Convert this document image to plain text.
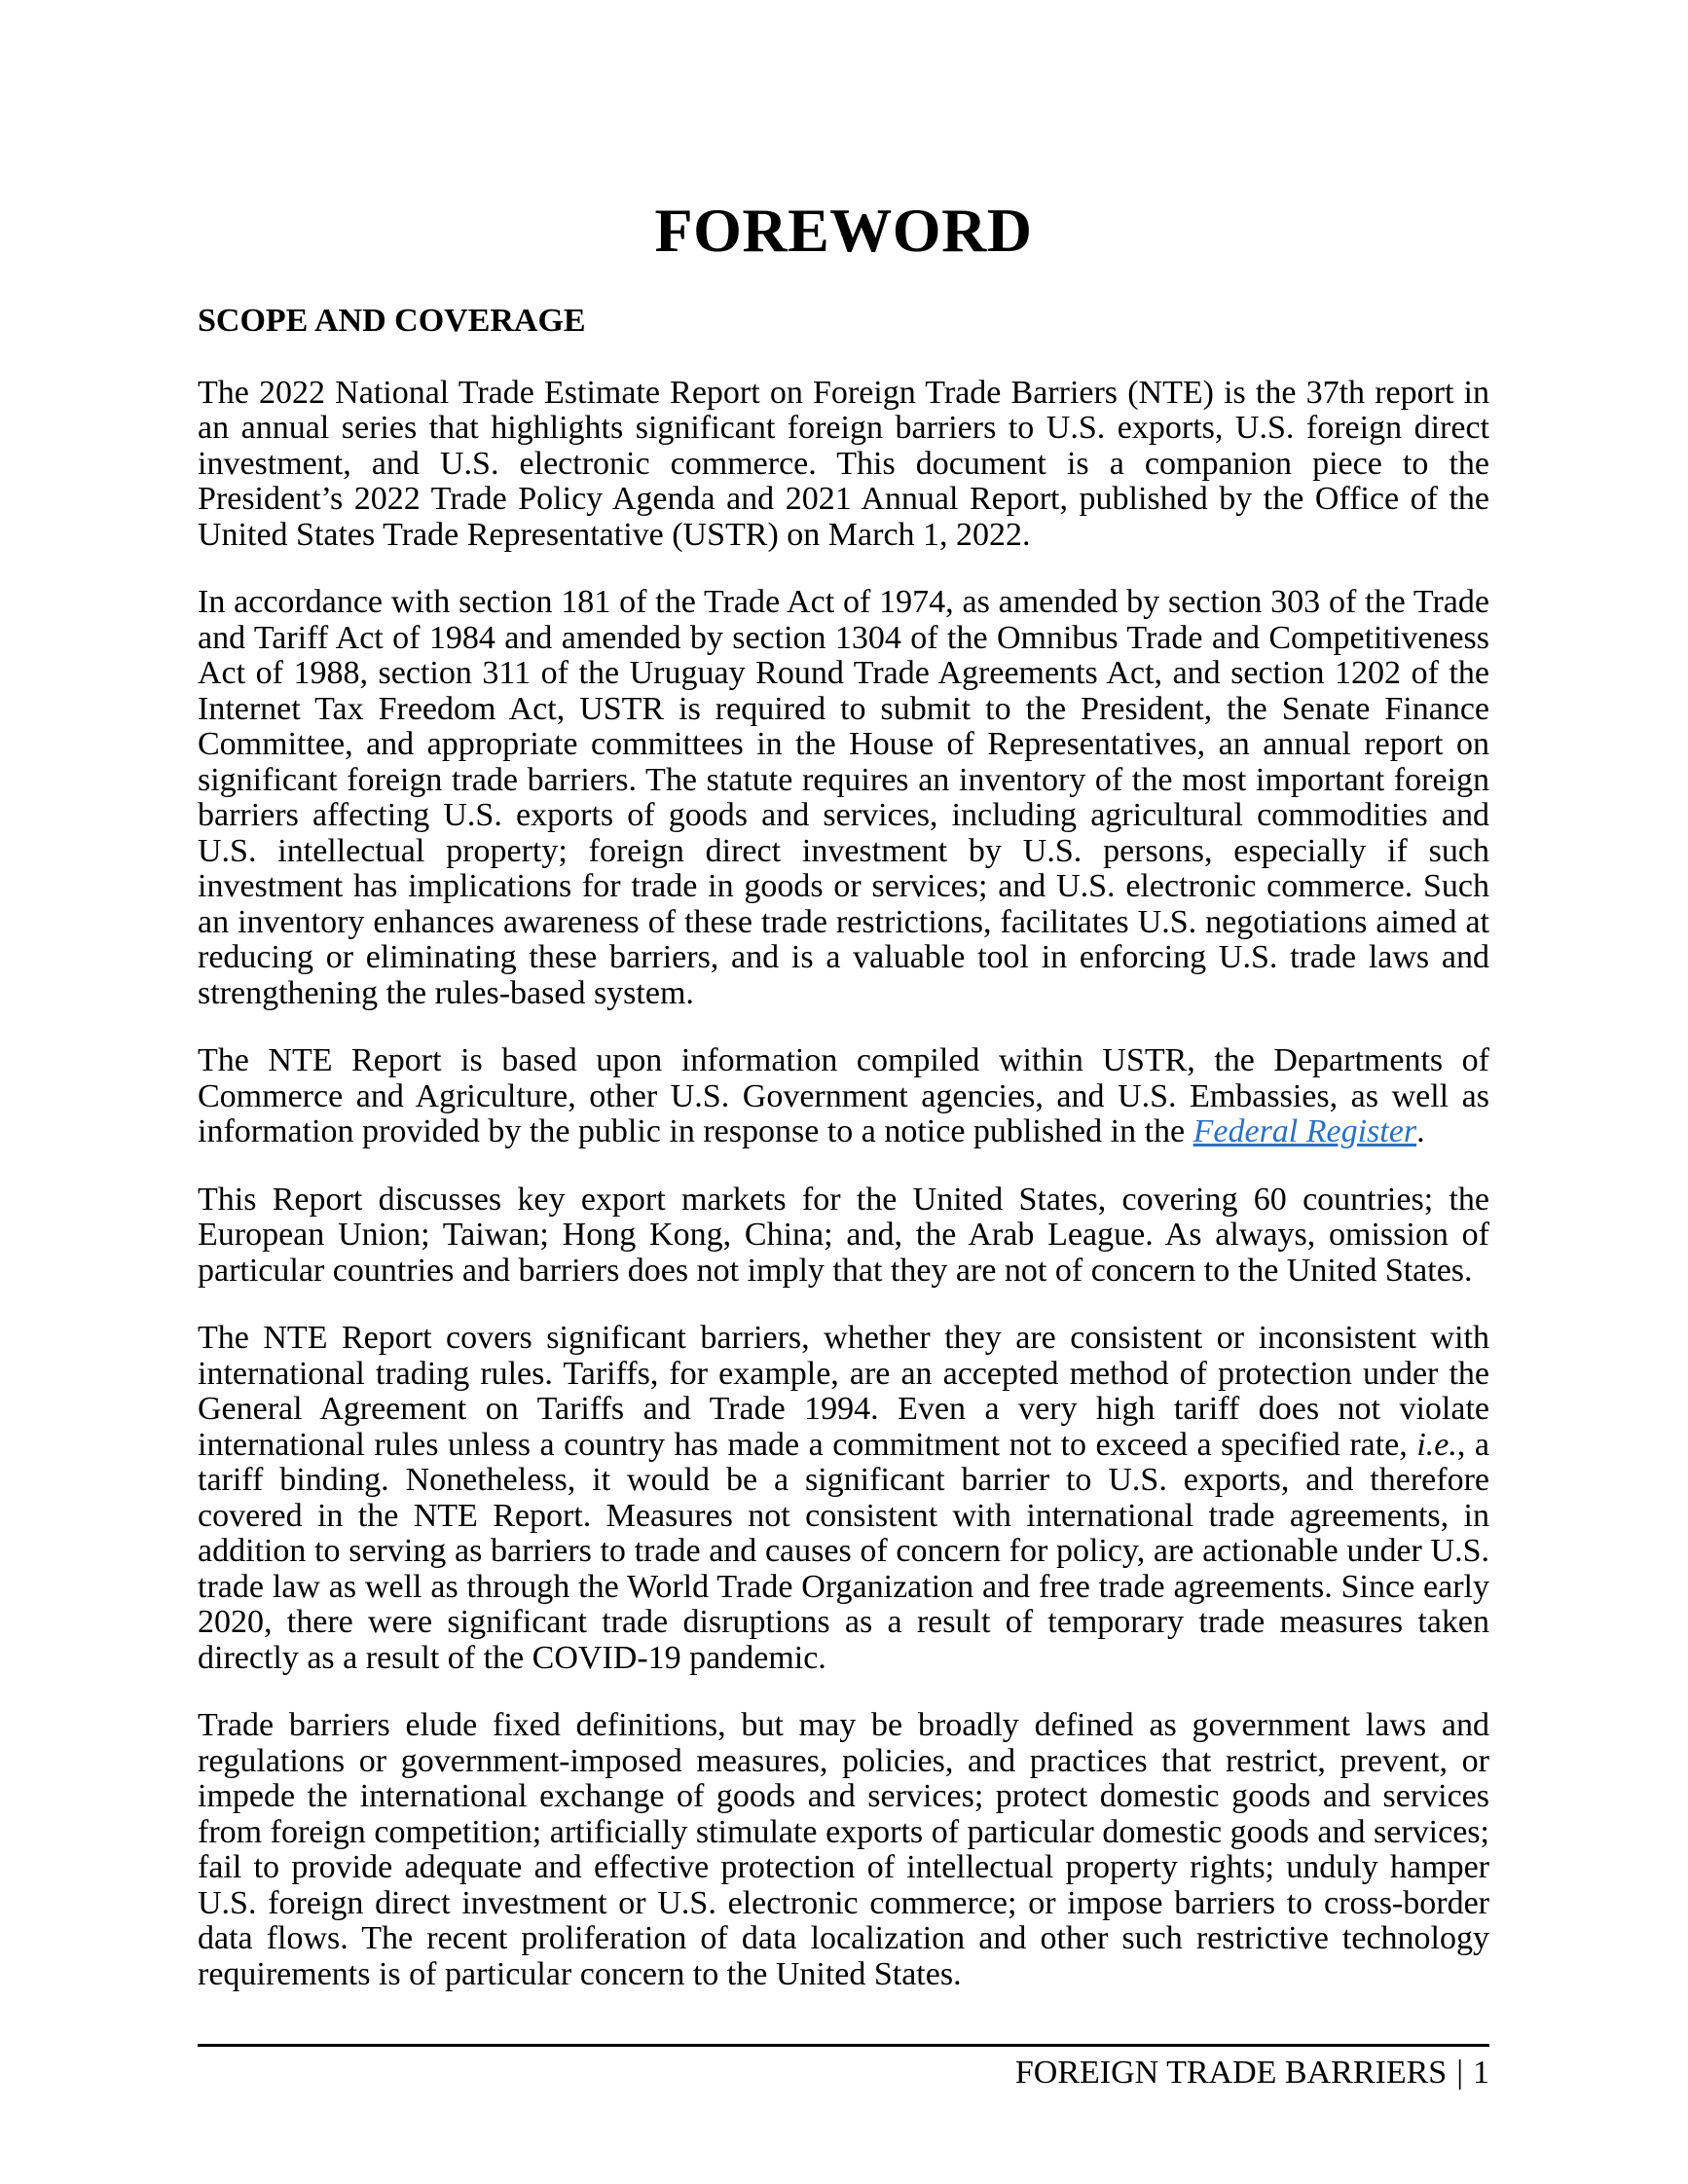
FOREWORD
SCOPE AND COVERAGE

The 2022 National Trade Estimate Report on Foreign Trade Barriers (NTE) is the 37th report in an annual series that highlights significant foreign barriers to U.S. exports, U.S. foreign direct investment, and U.S. electronic commerce. This document is a companion piece to the President’s 2022 Trade Policy Agenda and 2021 Annual Report, published by the Office of the United States Trade Representative (USTR) on March 1, 2022.

In accordance with section 181 of the Trade Act of 1974, as amended by section 303 of the Trade and Tariff Act of 1984 and amended by section 1304 of the Omnibus Trade and Competitiveness Act of 1988, section 311 of the Uruguay Round Trade Agreements Act, and section 1202 of the Internet Tax Freedom Act, USTR is required to submit to the President, the Senate Finance Committee, and appropriate committees in the House of Representatives, an annual report on significant foreign trade barriers. The statute requires an inventory of the most important foreign barriers affecting U.S. exports of goods and services, including agricultural commodities and U.S. intellectual property; foreign direct investment by U.S. persons, especially if such investment has implications for trade in goods or services; and U.S. electronic commerce. Such an inventory enhances awareness of these trade restrictions, facilitates U.S. negotiations aimed at reducing or eliminating these barriers, and is a valuable tool in enforcing U.S. trade laws and strengthening the rules-based system.

The NTE Report is based upon information compiled within USTR, the Departments of Commerce and Agriculture, other U.S. Government agencies, and U.S. Embassies, as well as information provided by the public in response to a notice published in the Federal Register.

This Report discusses key export markets for the United States, covering 60 countries; the European Union; Taiwan; Hong Kong, China; and, the Arab League. As always, omission of particular countries and barriers does not imply that they are not of concern to the United States.

The NTE Report covers significant barriers, whether they are consistent or inconsistent with international trading rules. Tariffs, for example, are an accepted method of protection under the General Agreement on Tariffs and Trade 1994. Even a very high tariff does not violate international rules unless a country has made a commitment not to exceed a specified rate, i.e., a tariff binding. Nonetheless, it would be a significant barrier to U.S. exports, and therefore covered in the NTE Report. Measures not consistent with international trade agreements, in addition to serving as barriers to trade and causes of concern for policy, are actionable under U.S. trade law as well as through the World Trade Organization and free trade agreements. Since early 2020, there were significant trade disruptions as a result of temporary trade measures taken directly as a result of the COVID-19 pandemic.

Trade barriers elude fixed definitions, but may be broadly defined as government laws and regulations or government-imposed measures, policies, and practices that restrict, prevent, or impede the international exchange of goods and services; protect domestic goods and services from foreign competition; artificially stimulate exports of particular domestic goods and services; fail to provide adequate and effective protection of intellectual property rights; unduly hamper U.S. foreign direct investment or U.S. electronic commerce; or impose barriers to cross-border data flows. The recent proliferation of data localization and other such restrictive technology requirements is of particular concern to the United States.

FOREIGN TRADE BARRIERS | 1
